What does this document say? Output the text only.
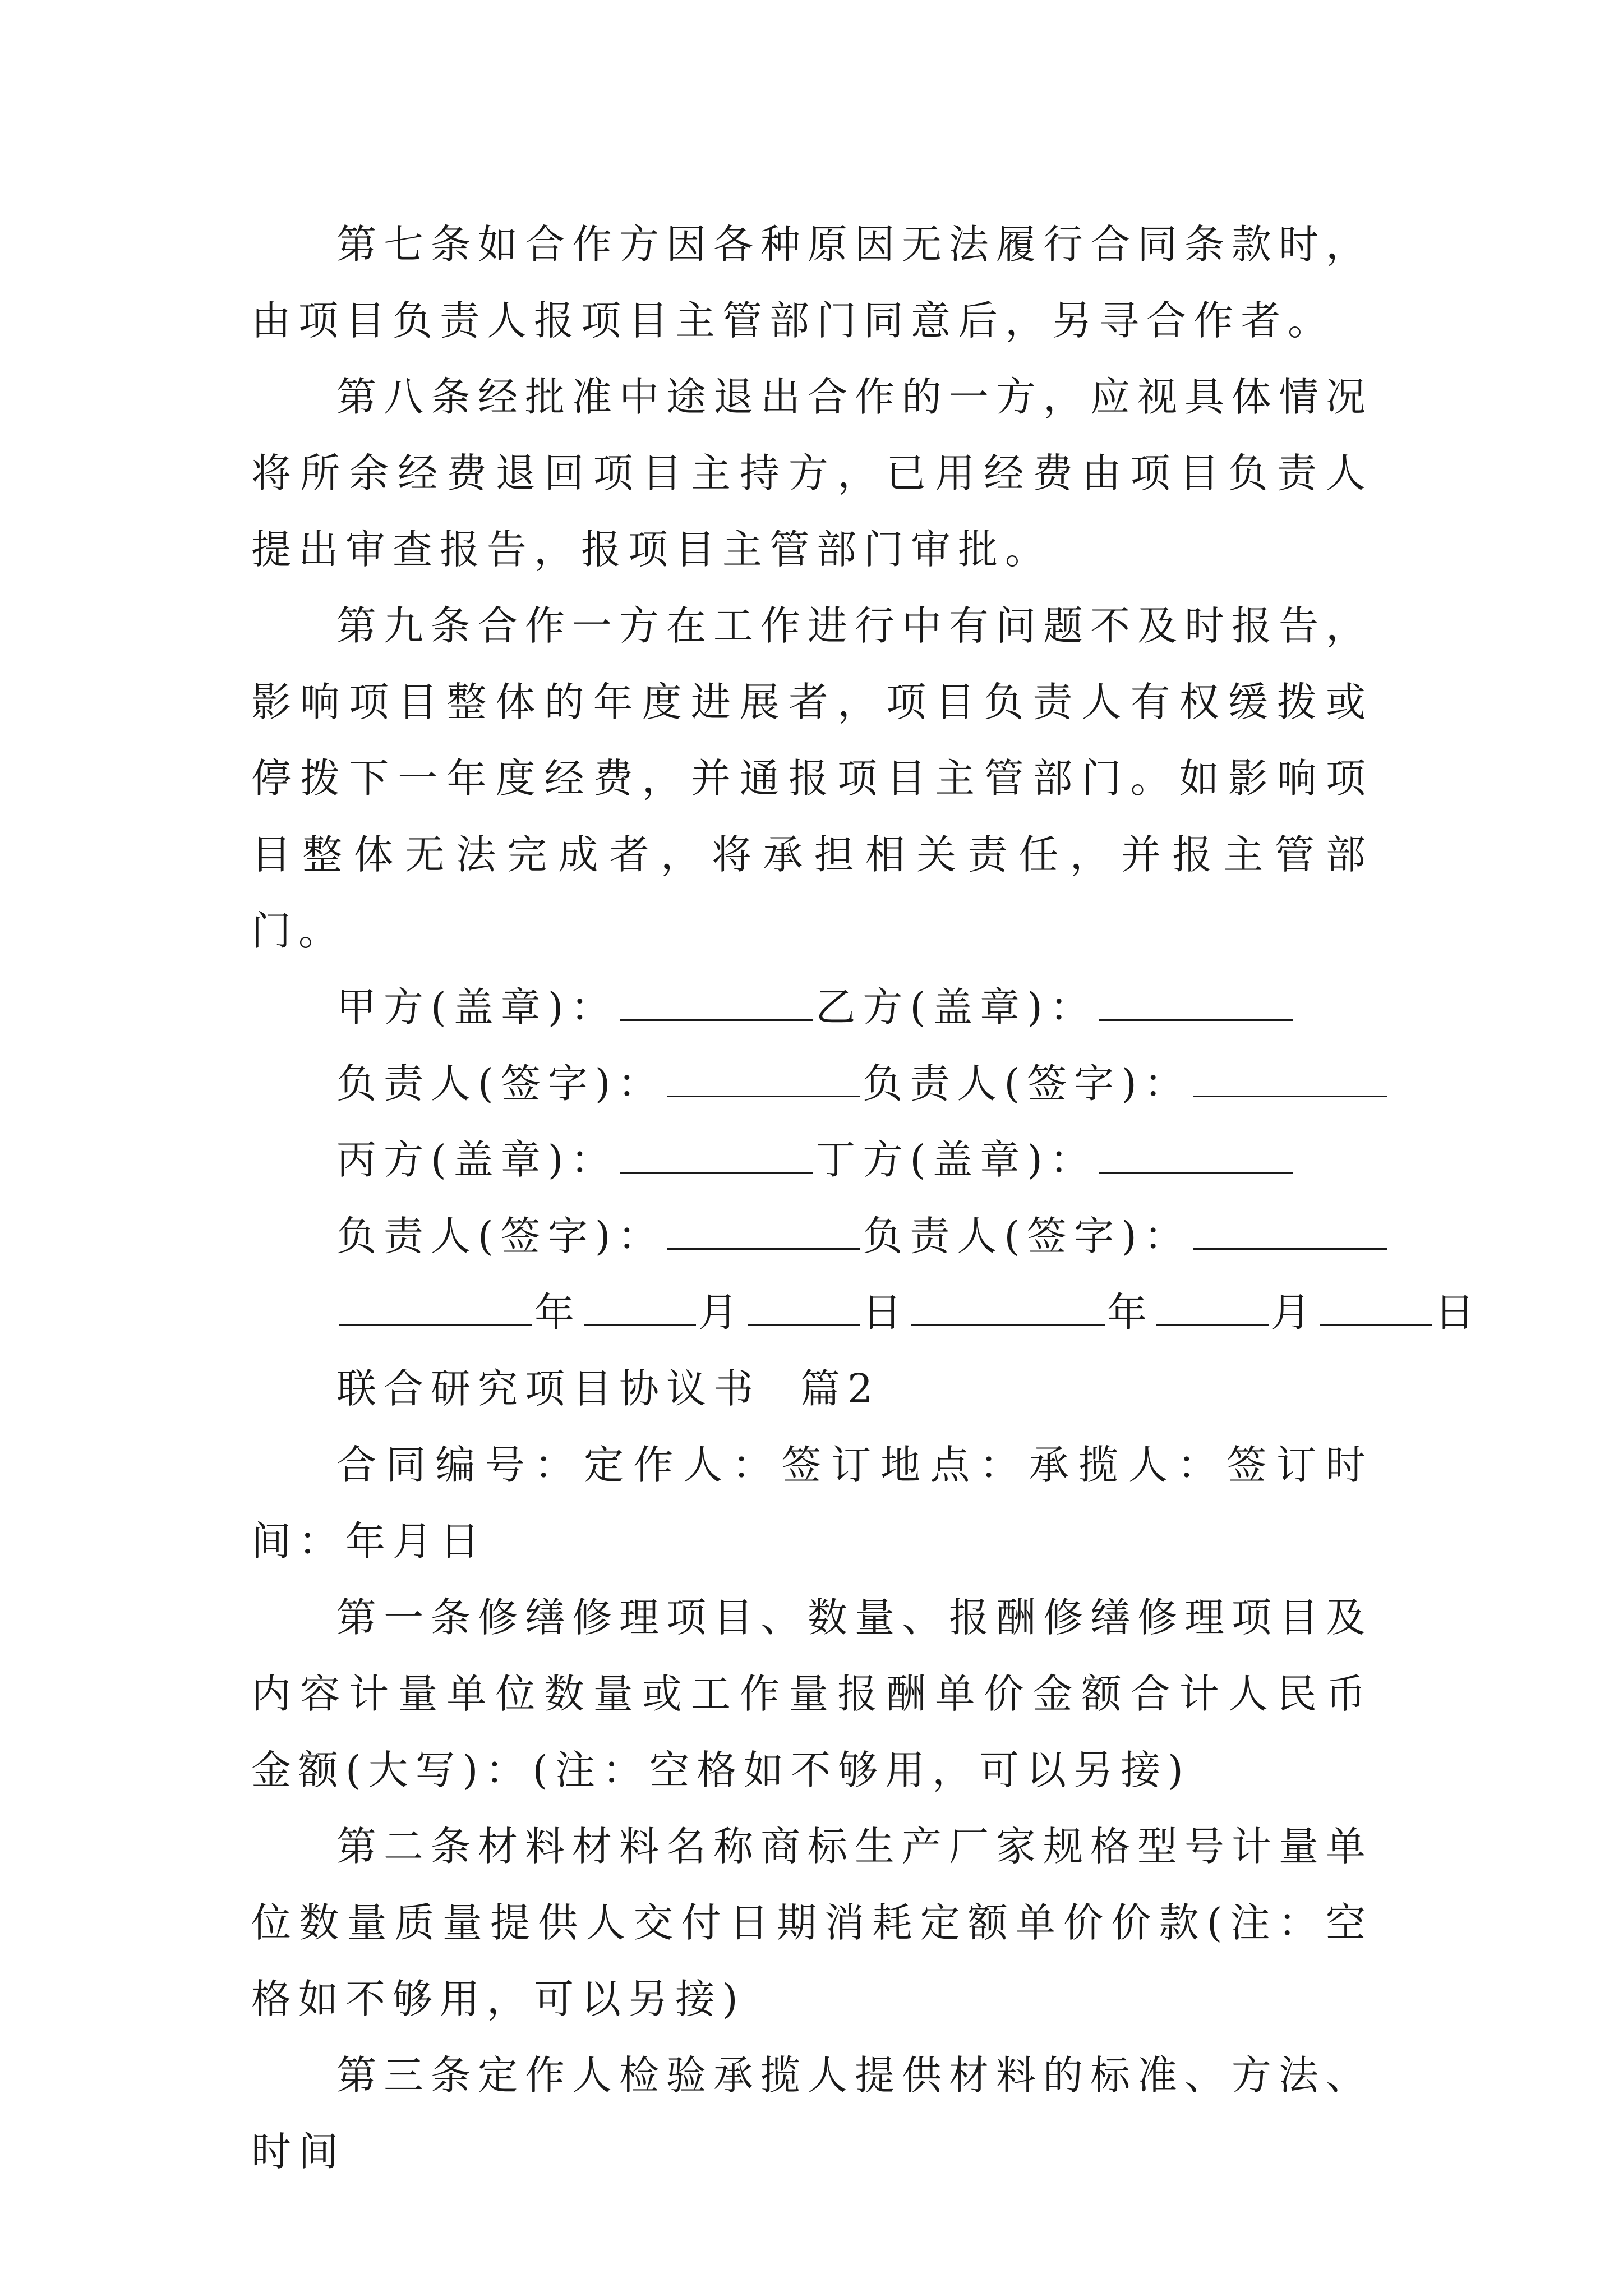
第七条如合作方因各种原因无法履行合同条款时，由项目负责人报项目主管部门同意后，另寻合作者。

第八条经批准中途退出合作的一方，应视具体情况将所余经费退回项目主持方，已用经费由项目负责人提出审查报告，报项目主管部门审批。

第九条合作一方在工作进行中有问题不及时报告，影响项目整体的年度进展者，项目负责人有权缓拨或停拨下一年度经费，并通报项目主管部门。如影响项目整体无法完成者，将承担相关责任，并报主管部门。

甲方(盖章)：	乙方(盖章)：

负责人(签字)：	负责人(签字)：

丙方(盖章)：	丁方(盖章)：

负责人(签字)：	负责人(签字)：

年	月	日	年	月	日

联合研究项目协议书  篇2

合同编号：定作人：签订地点：承揽人：签订时间：年月日

第一条修缮修理项目、数量、报酬修缮修理项目及内容计量单位数量或工作量报酬单价金额合计人民币金额(大写)：(注：空格如不够用，可以另接)

第二条材料材料名称商标生产厂家规格型号计量单位数量质量提供人交付日期消耗定额单价价款(注：空格如不够用，可以另接)

第三条定作人检验承揽人提供材料的标准、方法、时间
